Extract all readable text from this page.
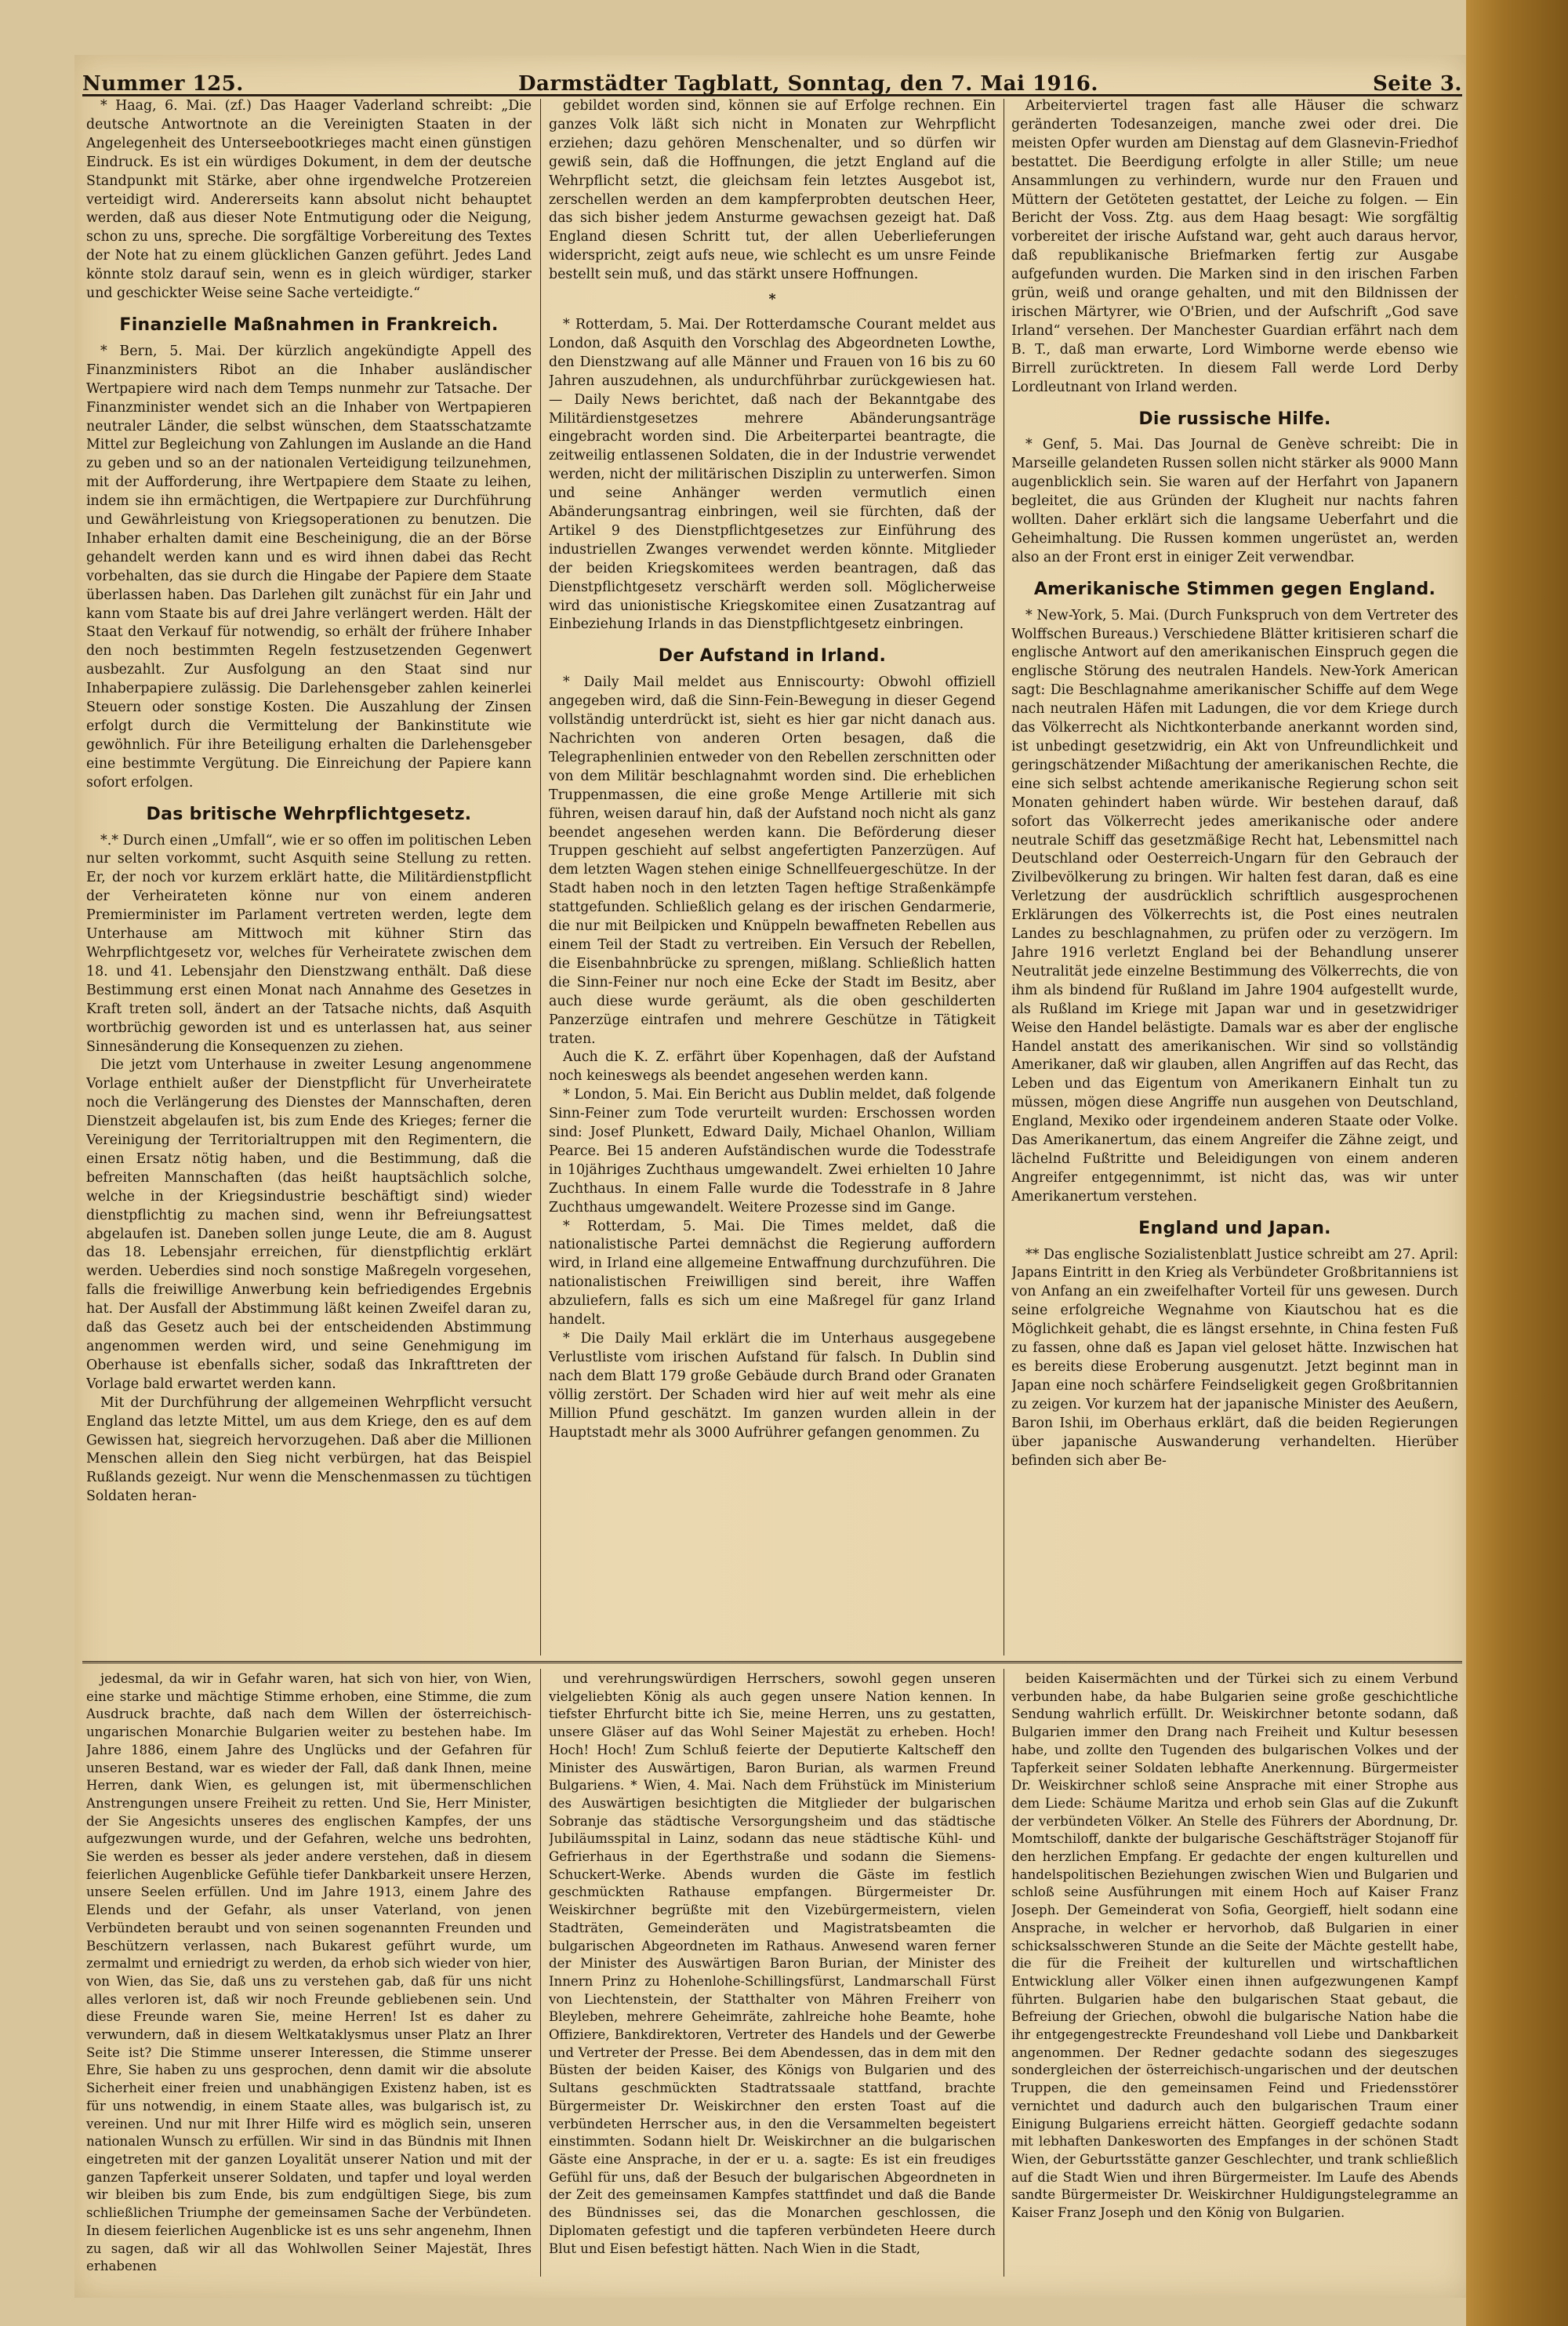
Nummer 125.	Darmstädter Tagblatt, Sonntag, den 7. Mai 1916.	Seite 3.

* Haag, 6. Mai. (zf.) Das Haager Vaderland schreibt: „Die deutsche Antwortnote an die Vereinigten Staaten in der Angelegenheit des Unterseebootkrieges macht einen günstigen Eindruck. Es ist ein würdiges Dokument, in dem der deutsche Standpunkt mit Stärke, aber ohne irgendwelche Protzereien verteidigt wird. Andererseits kann absolut nicht behauptet werden, daß aus dieser Note Entmutigung oder die Neigung, schon zu uns, spreche. Die sorgfältige Vorbereitung des Textes der Note hat zu einem glücklichen Ganzen geführt. Jedes Land könnte stolz darauf sein, wenn es in gleich würdiger, starker und geschickter Weise seine Sache verteidigte.“

Finanzielle Maßnahmen in Frankreich.

* Bern, 5. Mai. Der kürzlich angekündigte Appell des Finanzministers Ribot an die Inhaber ausländischer Wertpapiere wird nach dem Temps nunmehr zur Tatsache. Der Finanzminister wendet sich an die Inhaber von Wertpapieren neutraler Länder, die selbst wünschen, dem Staatsschatzamte Mittel zur Begleichung von Zahlungen im Auslande an die Hand zu geben und so an der nationalen Verteidigung teilzunehmen, mit der Aufforderung, ihre Wertpapiere dem Staate zu leihen, indem sie ihn ermächtigen, die Wertpapiere zur Durchführung und Gewährleistung von Kriegsoperationen zu benutzen. Die Inhaber erhalten damit eine Bescheinigung, die an der Börse gehandelt werden kann und es wird ihnen dabei das Recht vorbehalten, das sie durch die Hingabe der Papiere dem Staate überlassen haben. Das Darlehen gilt zunächst für ein Jahr und kann vom Staate bis auf drei Jahre verlängert werden. Hält der Staat den Verkauf für notwendig, so erhält der frühere Inhaber den noch bestimmten Regeln festzusetzenden Gegenwert ausbezahlt. Zur Ausfolgung an den Staat sind nur Inhaberpapiere zulässig. Die Darlehensgeber zahlen keinerlei Steuern oder sonstige Kosten. Die Auszahlung der Zinsen erfolgt durch die Vermittelung der Bankinstitute wie gewöhnlich. Für ihre Beteiligung erhalten die Darlehensgeber eine bestimmte Vergütung. Die Einreichung der Papiere kann sofort erfolgen.

Das britische Wehrpflichtgesetz.

*.* Durch einen „Umfall“, wie er so offen im politischen Leben nur selten vorkommt, sucht Asquith seine Stellung zu retten. Er, der noch vor kurzem erklärt hatte, die Militärdienstpflicht der Verheirateten könne nur von einem anderen Premierminister im Parlament vertreten werden, legte dem Unterhause am Mittwoch mit kühner Stirn das Wehrpflichtgesetz vor, welches für Verheiratete zwischen dem 18. und 41. Lebensjahr den Dienstzwang enthält. Daß diese Bestimmung erst einen Monat nach Annahme des Gesetzes in Kraft treten soll, ändert an der Tatsache nichts, daß Asquith wortbrüchig geworden ist und es unterlassen hat, aus seiner Sinnesänderung die Konsequenzen zu ziehen.

Die jetzt vom Unterhause in zweiter Lesung angenommene Vorlage enthielt außer der Dienstpflicht für Unverheiratete noch die Verlängerung des Dienstes der Mannschaften, deren Dienstzeit abgelaufen ist, bis zum Ende des Krieges; ferner die Vereinigung der Territorialtruppen mit den Regimentern, die einen Ersatz nötig haben, und die Bestimmung, daß die befreiten Mannschaften (das heißt hauptsächlich solche, welche in der Kriegsindustrie beschäftigt sind) wieder dienstpflichtig zu machen sind, wenn ihr Befreiungsattest abgelaufen ist. Daneben sollen junge Leute, die am 8. August das 18. Lebensjahr erreichen, für dienstpflichtig erklärt werden. Ueberdies sind noch sonstige Maßregeln vorgesehen, falls die freiwillige Anwerbung kein befriedigendes Ergebnis hat. Der Ausfall der Abstimmung läßt keinen Zweifel daran zu, daß das Gesetz auch bei der entscheidenden Abstimmung angenommen werden wird, und seine Genehmigung im Oberhause ist ebenfalls sicher, sodaß das Inkrafttreten der Vorlage bald erwartet werden kann.

Mit der Durchführung der allgemeinen Wehrpflicht versucht England das letzte Mittel, um aus dem Kriege, den es auf dem Gewissen hat, siegreich hervorzugehen. Daß aber die Millionen Menschen allein den Sieg nicht verbürgen, hat das Beispiel Rußlands gezeigt. Nur wenn die Menschenmassen zu tüchtigen Soldaten heran-

gebildet worden sind, können sie auf Erfolge rechnen. Ein ganzes Volk läßt sich nicht in Monaten zur Wehrpflicht erziehen; dazu gehören Menschenalter, und so dürfen wir gewiß sein, daß die Hoffnungen, die jetzt England auf die Wehrpflicht setzt, die gleichsam fein letztes Ausgebot ist, zerschellen werden an dem kampferprobten deutschen Heer, das sich bisher jedem Ansturme gewachsen gezeigt hat. Daß England diesen Schritt tut, der allen Ueberlieferungen widerspricht, zeigt aufs neue, wie schlecht es um unsre Feinde bestellt sein muß, und das stärkt unsere Hoffnungen.

*

* Rotterdam, 5. Mai. Der Rotterdamsche Courant meldet aus London, daß Asquith den Vorschlag des Abgeordneten Lowthe, den Dienstzwang auf alle Männer und Frauen von 16 bis zu 60 Jahren auszudehnen, als undurchführbar zurückgewiesen hat. — Daily News berichtet, daß nach der Bekanntgabe des Militärdienstgesetzes mehrere Abänderungsanträge eingebracht worden sind. Die Arbeiterpartei beantragte, die zeitweilig entlassenen Soldaten, die in der Industrie verwendet werden, nicht der militärischen Disziplin zu unterwerfen. Simon und seine Anhänger werden vermutlich einen Abänderungsantrag einbringen, weil sie fürchten, daß der Artikel 9 des Dienstpflichtgesetzes zur Einführung des industriellen Zwanges verwendet werden könnte. Mitglieder der beiden Kriegskomitees werden beantragen, daß das Dienstpflichtgesetz verschärft werden soll. Möglicherweise wird das unionistische Kriegskomitee einen Zusatzantrag auf Einbeziehung Irlands in das Dienstpflichtgesetz einbringen.

Der Aufstand in Irland.

* Daily Mail meldet aus Enniscourty: Obwohl offiziell angegeben wird, daß die Sinn-Fein-Bewegung in dieser Gegend vollständig unterdrückt ist, sieht es hier gar nicht danach aus. Nachrichten von anderen Orten besagen, daß die Telegraphenlinien entweder von den Rebellen zerschnitten oder von dem Militär beschlagnahmt worden sind. Die erheblichen Truppenmassen, die eine große Menge Artillerie mit sich führen, weisen darauf hin, daß der Aufstand noch nicht als ganz beendet angesehen werden kann. Die Beförderung dieser Truppen geschieht auf selbst angefertigten Panzerzügen. Auf dem letzten Wagen stehen einige Schnellfeuergeschütze. In der Stadt haben noch in den letzten Tagen heftige Straßenkämpfe stattgefunden. Schließlich gelang es der irischen Gendarmerie, die nur mit Beilpicken und Knüppeln bewaffneten Rebellen aus einem Teil der Stadt zu vertreiben. Ein Versuch der Rebellen, die Eisenbahnbrücke zu sprengen, mißlang. Schließlich hatten die Sinn-Feiner nur noch eine Ecke der Stadt im Besitz, aber auch diese wurde geräumt, als die oben geschilderten Panzerzüge eintrafen und mehrere Geschütze in Tätigkeit traten.

Auch die K. Z. erfährt über Kopenhagen, daß der Aufstand noch keineswegs als beendet angesehen werden kann.

* London, 5. Mai. Ein Bericht aus Dublin meldet, daß folgende Sinn-Feiner zum Tode verurteilt wurden: Erschossen worden sind: Josef Plunkett, Edward Daily, Michael Ohanlon, William Pearce. Bei 15 anderen Aufständischen wurde die Todesstrafe in 10jähriges Zuchthaus umgewandelt. Zwei erhielten 10 Jahre Zuchthaus. In einem Falle wurde die Todesstrafe in 8 Jahre Zuchthaus umgewandelt. Weitere Prozesse sind im Gange.

* Rotterdam, 5. Mai. Die Times meldet, daß die nationalistische Partei demnächst die Regierung auffordern wird, in Irland eine allgemeine Entwaffnung durchzuführen. Die nationalistischen Freiwilligen sind bereit, ihre Waffen abzuliefern, falls es sich um eine Maßregel für ganz Irland handelt.

* Die Daily Mail erklärt die im Unterhaus ausgegebene Verlustliste vom irischen Aufstand für falsch. In Dublin sind nach dem Blatt 179 große Gebäude durch Brand oder Granaten völlig zerstört. Der Schaden wird hier auf weit mehr als eine Million Pfund geschätzt. Im ganzen wurden allein in der Hauptstadt mehr als 3000 Aufrührer gefangen genommen. Zu

Arbeiterviertel tragen fast alle Häuser die schwarz geränderten Todesanzeigen, manche zwei oder drei. Die meisten Opfer wurden am Dienstag auf dem Glasnevin-Friedhof bestattet. Die Beerdigung erfolgte in aller Stille; um neue Ansammlungen zu verhindern, wurde nur den Frauen und Müttern der Getöteten gestattet, der Leiche zu folgen. — Ein Bericht der Voss. Ztg. aus dem Haag besagt: Wie sorgfältig vorbereitet der irische Aufstand war, geht auch daraus hervor, daß republikanische Briefmarken fertig zur Ausgabe aufgefunden wurden. Die Marken sind in den irischen Farben grün, weiß und orange gehalten, und mit den Bildnissen der irischen Märtyrer, wie O'Brien, und der Aufschrift „God save Irland“ versehen. Der Manchester Guardian erfährt nach dem B. T., daß man erwarte, Lord Wimborne werde ebenso wie Birrell zurücktreten. In diesem Fall werde Lord Derby Lordleutnant von Irland werden.

Die russische Hilfe.

* Genf, 5. Mai. Das Journal de Genève schreibt: Die in Marseille gelandeten Russen sollen nicht stärker als 9000 Mann augenblicklich sein. Sie waren auf der Herfahrt von Japanern begleitet, die aus Gründen der Klugheit nur nachts fahren wollten. Daher erklärt sich die langsame Ueberfahrt und die Geheimhaltung. Die Russen kommen ungerüstet an, werden also an der Front erst in einiger Zeit verwendbar.

Amerikanische Stimmen gegen England.

* New-York, 5. Mai. (Durch Funkspruch von dem Vertreter des Wolffschen Bureaus.) Verschiedene Blätter kritisieren scharf die englische Antwort auf den amerikanischen Einspruch gegen die englische Störung des neutralen Handels. New-York American sagt: Die Beschlagnahme amerikanischer Schiffe auf dem Wege nach neutralen Häfen mit Ladungen, die vor dem Kriege durch das Völkerrecht als Nichtkonterbande anerkannt worden sind, ist unbedingt gesetzwidrig, ein Akt von Unfreundlichkeit und geringschätzender Mißachtung der amerikanischen Rechte, die eine sich selbst achtende amerikanische Regierung schon seit Monaten gehindert haben würde. Wir bestehen darauf, daß sofort das Völkerrecht jedes amerikanische oder andere neutrale Schiff das gesetzmäßige Recht hat, Lebensmittel nach Deutschland oder Oesterreich-Ungarn für den Gebrauch der Zivilbevölkerung zu bringen. Wir halten fest daran, daß es eine Verletzung der ausdrücklich schriftlich ausgesprochenen Erklärungen des Völkerrechts ist, die Post eines neutralen Landes zu beschlagnahmen, zu prüfen oder zu verzögern. Im Jahre 1916 verletzt England bei der Behandlung unserer Neutralität jede einzelne Bestimmung des Völkerrechts, die von ihm als bindend für Rußland im Jahre 1904 aufgestellt wurde, als Rußland im Kriege mit Japan war und in gesetzwidriger Weise den Handel belästigte. Damals war es aber der englische Handel anstatt des amerikanischen. Wir sind so vollständig Amerikaner, daß wir glauben, allen Angriffen auf das Recht, das Leben und das Eigentum von Amerikanern Einhalt tun zu müssen, mögen diese Angriffe nun ausgehen von Deutschland, England, Mexiko oder irgendeinem anderen Staate oder Volke. Das Amerikanertum, das einem Angreifer die Zähne zeigt, und lächelnd Fußtritte und Beleidigungen von einem anderen Angreifer entgegennimmt, ist nicht das, was wir unter Amerikanertum verstehen.

England und Japan.

** Das englische Sozialistenblatt Justice schreibt am 27. April: Japans Eintritt in den Krieg als Verbündeter Großbritanniens ist von Anfang an ein zweifelhafter Vorteil für uns gewesen. Durch seine erfolgreiche Wegnahme von Kiautschou hat es die Möglichkeit gehabt, die es längst ersehnte, in China festen Fuß zu fassen, ohne daß es Japan viel geloset hätte. Inzwischen hat es bereits diese Eroberung ausgenutzt. Jetzt beginnt man in Japan eine noch schärfere Feindseligkeit gegen Großbritannien zu zeigen. Vor kurzem hat der japanische Minister des Aeußern, Baron Ishii, im Oberhaus erklärt, daß die beiden Regierungen über japanische Auswanderung verhandelten. Hierüber befinden sich aber Be-

jedesmal, da wir in Gefahr waren, hat sich von hier, von Wien, eine starke und mächtige Stimme erhoben, eine Stimme, die zum Ausdruck brachte, daß nach dem Willen der österreichisch-ungarischen Monarchie Bulgarien weiter zu bestehen habe. Im Jahre 1886, einem Jahre des Unglücks und der Gefahren für unseren Bestand, war es wieder der Fall, daß dank Ihnen, meine Herren, dank Wien, es gelungen ist, mit übermenschlichen Anstrengungen unsere Freiheit zu retten. Und Sie, Herr Minister, der Sie Angesichts unseres des englischen Kampfes, der uns aufgezwungen wurde, und der Gefahren, welche uns bedrohten, Sie werden es besser als jeder andere verstehen, daß in diesem feierlichen Augenblicke Gefühle tiefer Dankbarkeit unsere Herzen, unsere Seelen erfüllen. Und im Jahre 1913, einem Jahre des Elends und der Gefahr, als unser Vaterland, von jenen Verbündeten beraubt und von seinen sogenannten Freunden und Beschützern verlassen, nach Bukarest geführt wurde, um zermalmt und erniedrigt zu werden, da erhob sich wieder von hier, von Wien, das Sie, daß uns zu verstehen gab, daß für uns nicht alles verloren ist, daß wir noch Freunde gebliebenen sein. Und diese Freunde waren Sie, meine Herren! Ist es daher zu verwundern, daß in diesem Weltkataklysmus unser Platz an Ihrer Seite ist? Die Stimme unserer Interessen, die Stimme unserer Ehre, Sie haben zu uns gesprochen, denn damit wir die absolute Sicherheit einer freien und unabhängigen Existenz haben, ist es für uns notwendig, in einem Staate alles, was bulgarisch ist, zu vereinen. Und nur mit Ihrer Hilfe wird es möglich sein, unseren nationalen Wunsch zu erfüllen. Wir sind in das Bündnis mit Ihnen eingetreten mit der ganzen Loyalität unserer Nation und mit der ganzen Tapferkeit unserer Soldaten, und tapfer und loyal werden wir bleiben bis zum Ende, bis zum endgültigen Siege, bis zum schließlichen Triumphe der gemeinsamen Sache der Verbündeten. In diesem feierlichen Augenblicke ist es uns sehr angenehm, Ihnen zu sagen, daß wir all das Wohlwollen Seiner Majestät, Ihres erhabenen

und verehrungswürdigen Herrschers, sowohl gegen unseren vielgeliebten König als auch gegen unsere Nation kennen. In tiefster Ehrfurcht bitte ich Sie, meine Herren, uns zu gestatten, unsere Gläser auf das Wohl Seiner Majestät zu erheben. Hoch! Hoch! Hoch! Zum Schluß feierte der Deputierte Kaltscheff den Minister des Auswärtigen, Baron Burian, als warmen Freund Bulgariens. * Wien, 4. Mai. Nach dem Frühstück im Ministerium des Auswärtigen besichtigten die Mitglieder der bulgarischen Sobranje das städtische Versorgungsheim und das städtische Jubiläumsspital in Lainz, sodann das neue städtische Kühl- und Gefrierhaus in der Egerthstraße und sodann die Siemens-Schuckert-Werke. Abends wurden die Gäste im festlich geschmückten Rathause empfangen. Bürgermeister Dr. Weiskirchner begrüßte mit den Vizebürgermeistern, vielen Stadträten, Gemeinderäten und Magistratsbeamten die bulgarischen Abgeordneten im Rathaus. Anwesend waren ferner der Minister des Auswärtigen Baron Burian, der Minister des Innern Prinz zu Hohenlohe-Schillingsfürst, Landmarschall Fürst von Liechtenstein, der Statthalter von Mähren Freiherr von Bleyleben, mehrere Geheimräte, zahlreiche hohe Beamte, hohe Offiziere, Bankdirektoren, Vertreter des Handels und der Gewerbe und Vertreter der Presse. Bei dem Abendessen, das in dem mit den Büsten der beiden Kaiser, des Königs von Bulgarien und des Sultans geschmückten Stadtratssaale stattfand, brachte Bürgermeister Dr. Weiskirchner den ersten Toast auf die verbündeten Herrscher aus, in den die Versammelten begeistert einstimmten. Sodann hielt Dr. Weiskirchner an die bulgarischen Gäste eine Ansprache, in der er u. a. sagte: Es ist ein freudiges Gefühl für uns, daß der Besuch der bulgarischen Abgeordneten in der Zeit des gemeinsamen Kampfes stattfindet und daß die Bande des Bündnisses sei, das die Monarchen geschlossen, die Diplomaten gefestigt und die tapferen verbündeten Heere durch Blut und Eisen befestigt hätten. Nach Wien in die Stadt,

beiden Kaisermächten und der Türkei sich zu einem Verbund verbunden habe, da habe Bulgarien seine große geschichtliche Sendung wahrlich erfüllt. Dr. Weiskirchner betonte sodann, daß Bulgarien immer den Drang nach Freiheit und Kultur besessen habe, und zollte den Tugenden des bulgarischen Volkes und der Tapferkeit seiner Soldaten lebhafte Anerkennung. Bürgermeister Dr. Weiskirchner schloß seine Ansprache mit einer Strophe aus dem Liede: Schäume Maritza und erhob sein Glas auf die Zukunft der verbündeten Völker. An Stelle des Führers der Abordnung, Dr. Momtschiloff, dankte der bulgarische Geschäftsträger Stojanoff für den herzlichen Empfang. Er gedachte der engen kulturellen und handelspolitischen Beziehungen zwischen Wien und Bulgarien und schloß seine Ausführungen mit einem Hoch auf Kaiser Franz Joseph. Der Gemeinderat von Sofia, Georgieff, hielt sodann eine Ansprache, in welcher er hervorhob, daß Bulgarien in einer schicksalsschweren Stunde an die Seite der Mächte gestellt habe, die für die Freiheit der kulturellen und wirtschaftlichen Entwicklung aller Völker einen ihnen aufgezwungenen Kampf führten. Bulgarien habe den bulgarischen Staat gebaut, die Befreiung der Griechen, obwohl die bulgarische Nation habe die ihr entgegengestreckte Freundeshand voll Liebe und Dankbarkeit angenommen. Der Redner gedachte sodann des siegeszuges sondergleichen der österreichisch-ungarischen und der deutschen Truppen, die den gemeinsamen Feind und Friedensstörer vernichtet und dadurch auch den bulgarischen Traum einer Einigung Bulgariens erreicht hätten. Georgieff gedachte sodann mit lebhaften Dankesworten des Empfanges in der schönen Stadt Wien, der Geburtsstätte ganzer Geschlechter, und trank schließlich auf die Stadt Wien und ihren Bürgermeister. Im Laufe des Abends sandte Bürgermeister Dr. Weiskirchner Huldigungstelegramme an Kaiser Franz Joseph und den König von Bulgarien.
